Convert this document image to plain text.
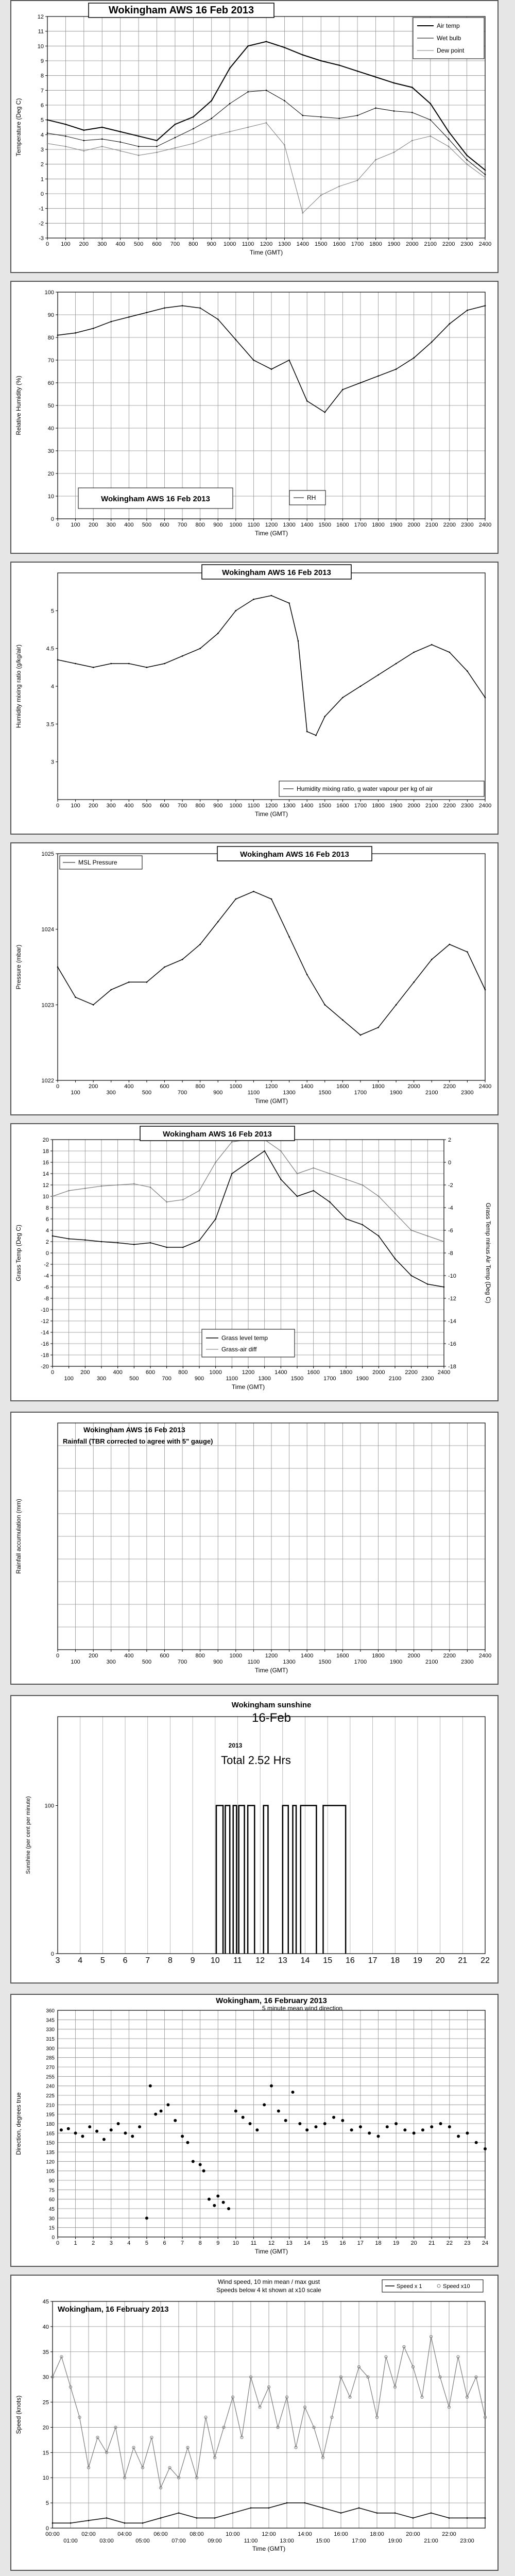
0 100 200 300 400 500 600 700 800 900 1000 1100 1200 1300 1400 1500 1600 1700 1800 1900 2000 2100 2200 2300 2400
-3
-2
-1
0
1
2
3
4
5
6
7
8
9
10
11
12
Time (GMT)
Temperature (Deg C)
Wokingham AWS 16 Feb 2013
Air temp
Wet bulb
Dew point
0 100 200 300 400 500 600 700 800 900 1000 1100 1200 1300 1400 1500 1600 1700 1800 1900 2000 2100 2200 2300 2400
0
10
20
30
40
50
60
70
80
90
100
Time (GMT)
Relative Humidity (%)
Wokingham AWS 16 Feb 2013	RH
0 100 200 300 400 500 600 700 800 900 1000 1100 1200 1300 1400 1500 1600 1700 1800 1900 2000 2100 2200 2300 2400
3
3.5
4
4.5
5
Time (GMT)
Humidity mixing ratio (g/kg/air)
Wokingham AWS 16 Feb 2013
Humidity mixing ratio, g water vapour per kg of air
0
100
200
300
400
500
600
700
800
900
1000
1100
1200
1300
1400
1500
1600
1700
1800
1900
2000
2100
2200
2300
2400
1022
1023
1024
1025
Time (GMT)
Pressure (mbar)
MSL Pressure
Wokingham AWS 16 Feb 2013
0
100
200
300
400
500
600
700
800
900
1000
1100
1200
1300
1400
1500
1600
1700
1800
1900
2000
2100
2200
2300
2400
-20
-18
-16
-14
-12
-10
-8
-6
-4
-2
0
2
4
6
8
10
12
14
16
18
20
-18
-16
-14
-12
-10
-8
-6
-4
-2
0
2
Time (GMT)
Grass Temp (Deg C)	Grass Temp minus Air Temp (Deg C)
Wokingham AWS 16 Feb 2013
Grass level temp
Grass-air diff
0
100
200
300
400
500
600
700
800
900
1000
1100
1200
1300
1400
1500
1600
1700
1800
1900
2000
2100
2200
2300
2400
Time (GMT)
Rainfall accumulation (mm)
Wokingham AWS 16 Feb 2013
Rainfall (TBR corrected to agree with 5" gauge)
3 4 5 6 7 8 9 10 11 12 13 14 15 16 17 18 19 20 21 22
0
100
Sunshine (per cent per minute)
Wokingham sunshine
16-Feb
2013
Total 2.52 Hrs
0	1	2	3	4	5	6	7	8	9 10 11 12 13 14 15 16 17 18 19 20 21 22 23 24
0
15
30
45
60
75
90
105
120
135
150
165
180
195
210
225
240
255
270
285
300
315
330
345
360
Time (GMT)
Direction, degrees true
Wokingham, 16 February 2013
5 minute mean wind direction
00:00	02:00	04:00	06:00	08:00	10:00	12:00	14:00	16:00	18:00	20:00	22:00
01:00	03:00	05:00	07:00	09:00	11:00	13:00	15:00	17:00	19:00	21:00	23:00
0
5
10
15
20
25
30
35
40
45
Time (GMT)
Speed (knots)
Wokingham, 16 February 2013
Wind speed, 10 min mean / max gust
Speeds below 4 kt shown at x10 scale	Speed x 1	Speed x10
